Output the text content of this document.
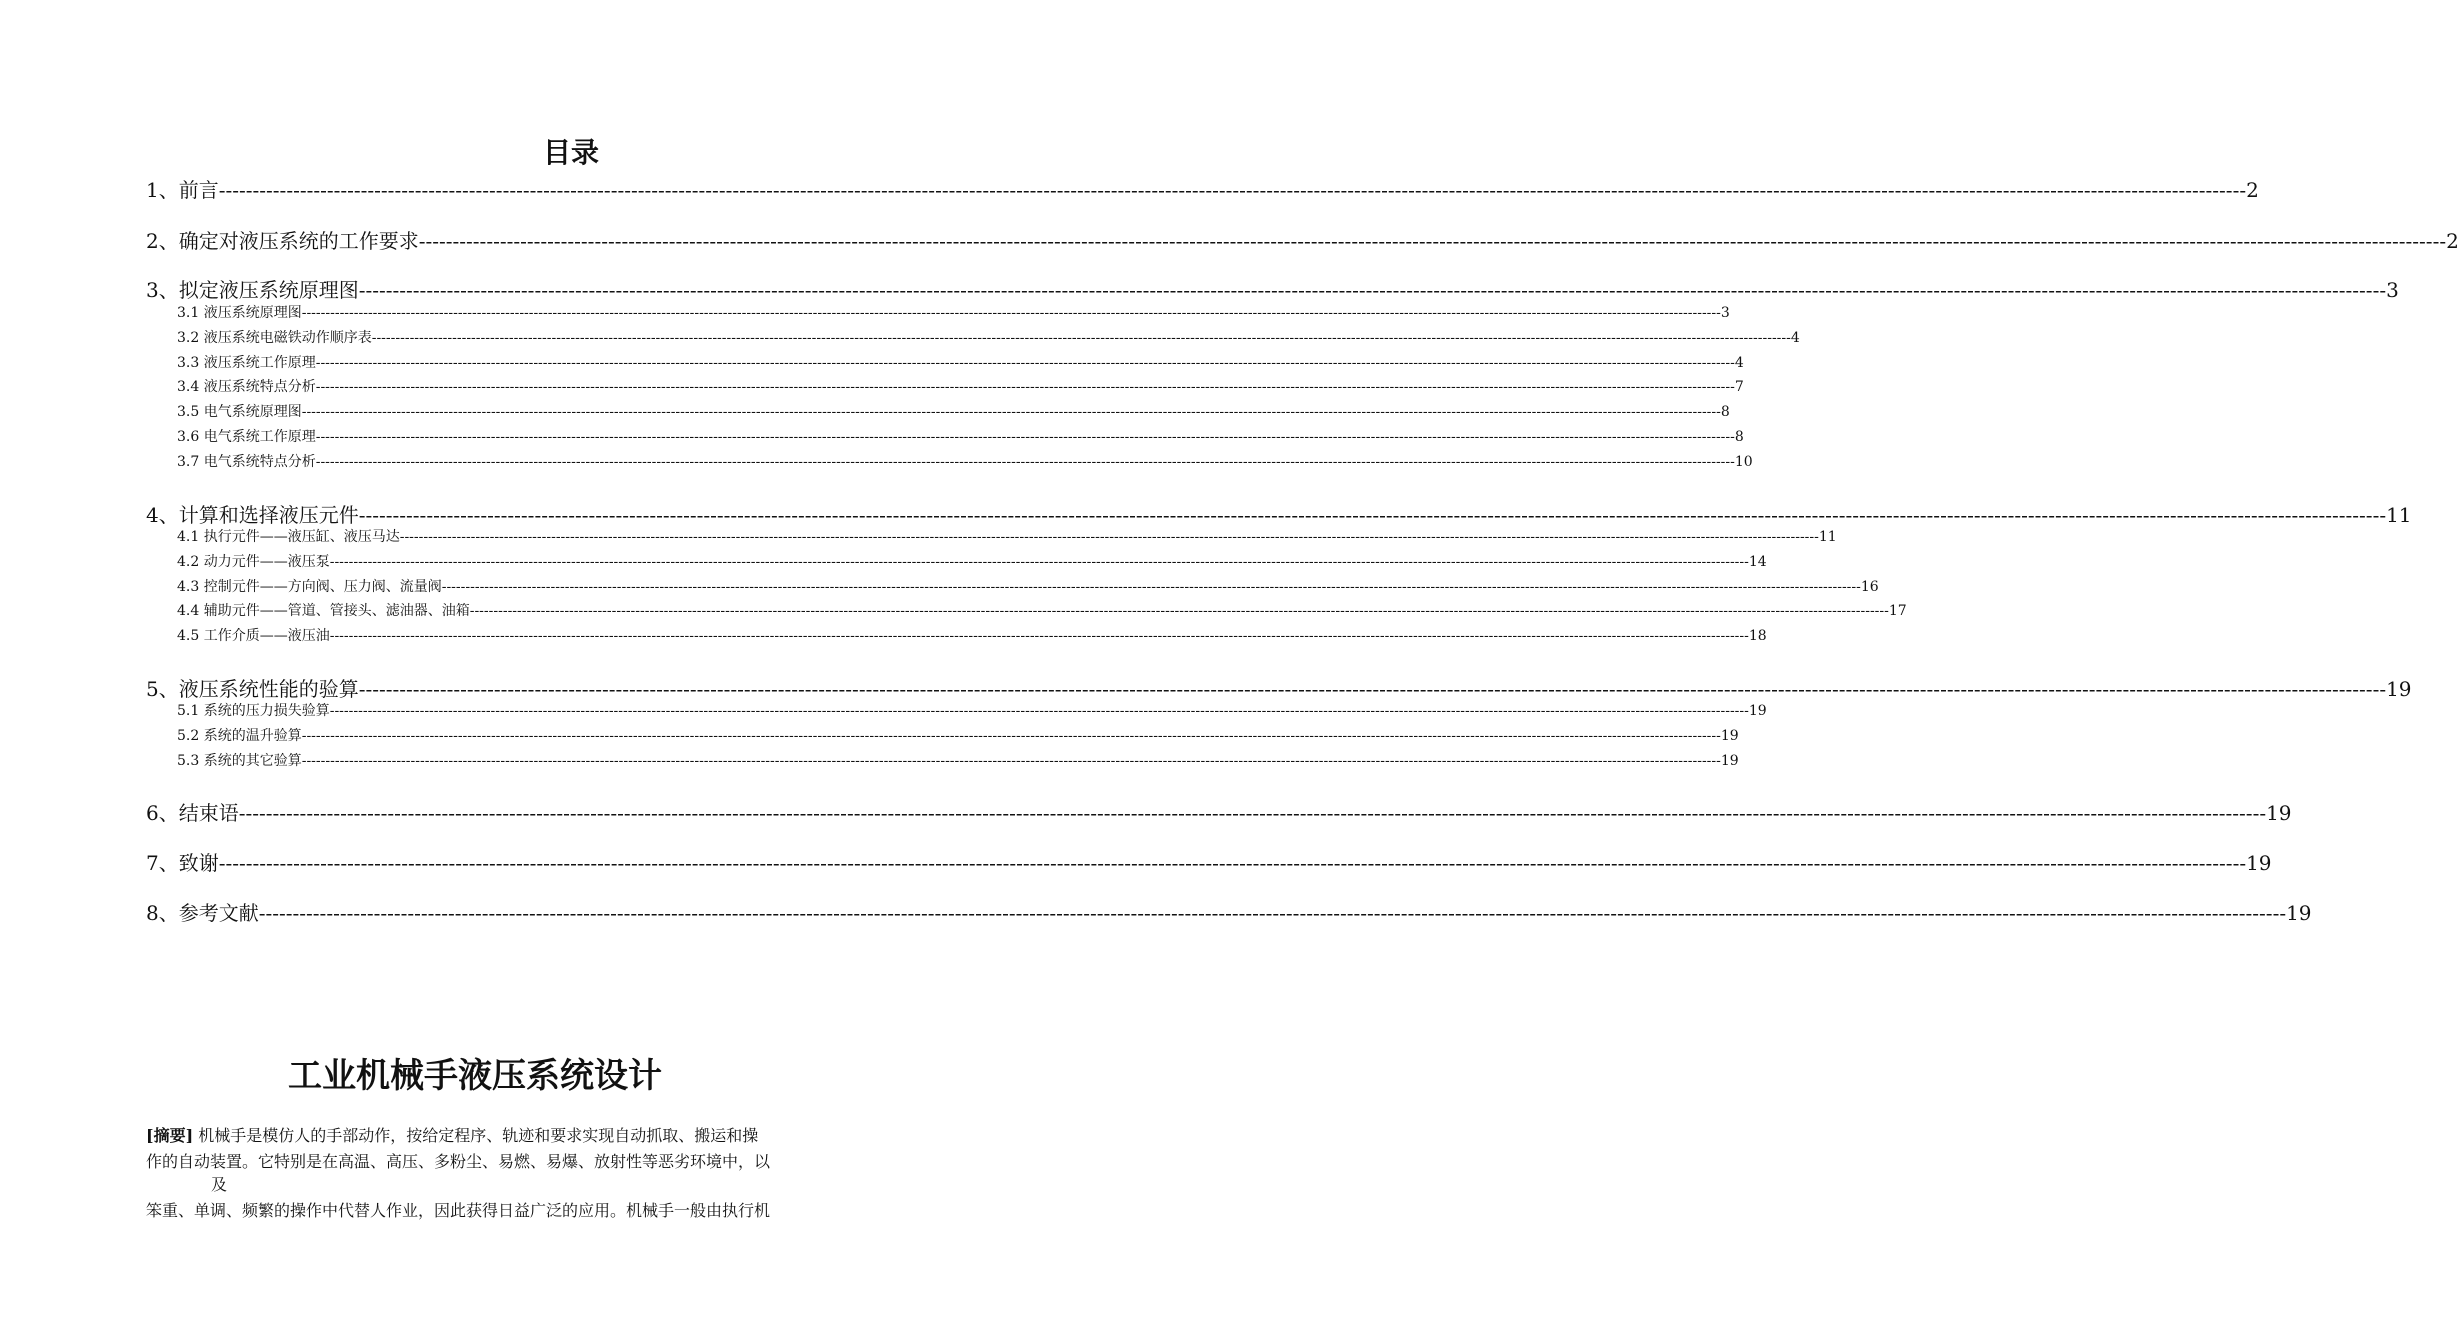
目录
1、前言 ------------------------------------------------------------------------------------------------------------------------------------------------------------------------------------------------------------------------------------------------------------------------------------------------------------ 2
2、确定对液压系统的工作要求 ------------------------------------------------------------------------------------------------------------------------------------------------------------------------------------------------------------------------------------------------------------------------------------------------------------ 2
3、拟定液压系统原理图 ------------------------------------------------------------------------------------------------------------------------------------------------------------------------------------------------------------------------------------------------------------------------------------------------------------ 3
3.1 液压系统原理图 ------------------------------------------------------------------------------------------------------------------------------------------------------------------------------------------------------------------------------------------------------------------------------------------------------------ 3
3.2 液压系统电磁铁动作顺序表 ------------------------------------------------------------------------------------------------------------------------------------------------------------------------------------------------------------------------------------------------------------------------------------------------------------ 4
3.3 液压系统工作原理 ------------------------------------------------------------------------------------------------------------------------------------------------------------------------------------------------------------------------------------------------------------------------------------------------------------ 4
3.4 液压系统特点分析 ------------------------------------------------------------------------------------------------------------------------------------------------------------------------------------------------------------------------------------------------------------------------------------------------------------ 7
3.5 电气系统原理图 ------------------------------------------------------------------------------------------------------------------------------------------------------------------------------------------------------------------------------------------------------------------------------------------------------------ 8
3.6 电气系统工作原理 ------------------------------------------------------------------------------------------------------------------------------------------------------------------------------------------------------------------------------------------------------------------------------------------------------------ 8
3.7 电气系统特点分析 ------------------------------------------------------------------------------------------------------------------------------------------------------------------------------------------------------------------------------------------------------------------------------------------------------------ 10
4、计算和选择液压元件 ------------------------------------------------------------------------------------------------------------------------------------------------------------------------------------------------------------------------------------------------------------------------------------------------------------ 11
4.1 执行元件——液压缸、液压马达 ------------------------------------------------------------------------------------------------------------------------------------------------------------------------------------------------------------------------------------------------------------------------------------------------------------ 11
4.2 动力元件——液压泵 ------------------------------------------------------------------------------------------------------------------------------------------------------------------------------------------------------------------------------------------------------------------------------------------------------------ 14
4.3 控制元件——方向阀、压力阀、流量阀 ------------------------------------------------------------------------------------------------------------------------------------------------------------------------------------------------------------------------------------------------------------------------------------------------------------ 16
4.4 辅助元件——管道、管接头、滤油器、油箱 ------------------------------------------------------------------------------------------------------------------------------------------------------------------------------------------------------------------------------------------------------------------------------------------------------------ 17
4.5 工作介质——液压油 ------------------------------------------------------------------------------------------------------------------------------------------------------------------------------------------------------------------------------------------------------------------------------------------------------------ 18
5、液压系统性能的验算 ------------------------------------------------------------------------------------------------------------------------------------------------------------------------------------------------------------------------------------------------------------------------------------------------------------ 19
5.1 系统的压力损失验算 ------------------------------------------------------------------------------------------------------------------------------------------------------------------------------------------------------------------------------------------------------------------------------------------------------------ 19
5.2 系统的温升验算 ------------------------------------------------------------------------------------------------------------------------------------------------------------------------------------------------------------------------------------------------------------------------------------------------------------ 19
5.3 系统的其它验算 ------------------------------------------------------------------------------------------------------------------------------------------------------------------------------------------------------------------------------------------------------------------------------------------------------------ 19
6、结束语 ------------------------------------------------------------------------------------------------------------------------------------------------------------------------------------------------------------------------------------------------------------------------------------------------------------ 19
7、致谢 ------------------------------------------------------------------------------------------------------------------------------------------------------------------------------------------------------------------------------------------------------------------------------------------------------------ 19
8、参考文献 ------------------------------------------------------------------------------------------------------------------------------------------------------------------------------------------------------------------------------------------------------------------------------------------------------------ 19
工业机械手液压系统设计
[摘要] 机械手是模仿人的手部动作，按给定程序、轨迹和要求实现自动抓取、搬运和操
作的自动装置。它特别是在高温、高压、多粉尘、易燃、易爆、放射性等恶劣环境中，以
及
笨重、单调、频繁的操作中代替人作业，因此获得日益广泛的应用。机械手一般由执行机
